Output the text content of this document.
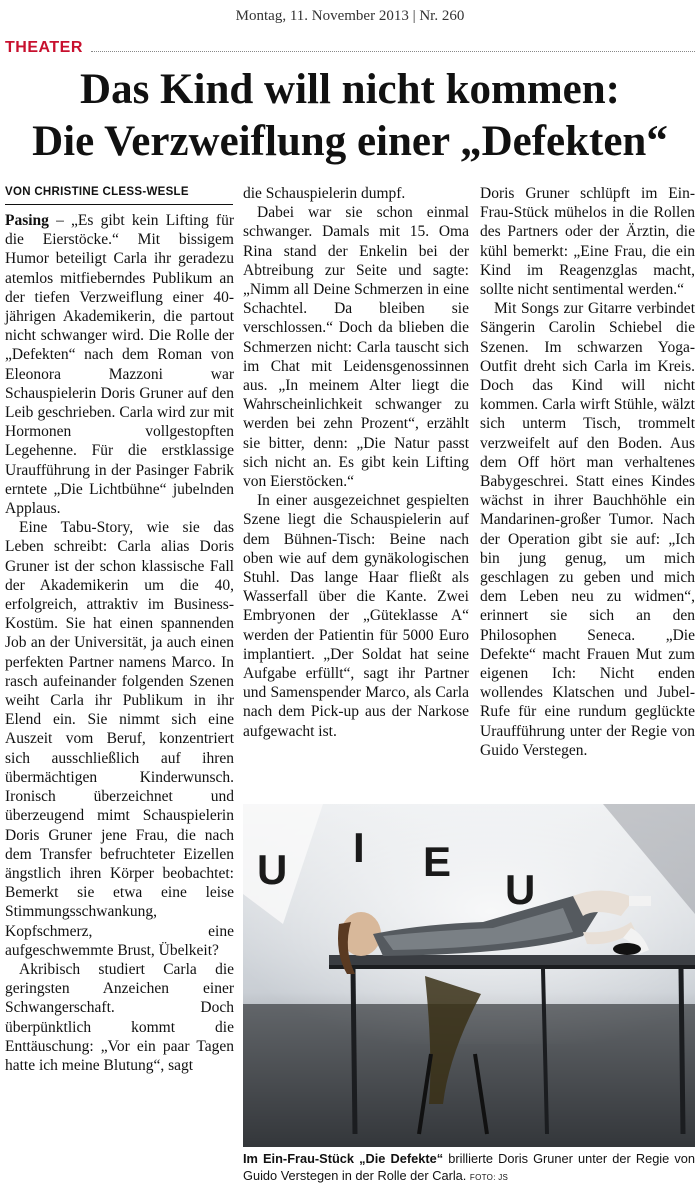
Montag, 11. November 2013 | Nr. 260
THEATER
Das Kind will nicht kommen:
Die Verzweiflung einer „Defekten“
VON CHRISTINE CLESS-WESLE

Pasing – „Es gibt kein Lifting für die Eierstöcke.“ Mit bissigem Humor beteiligt Carla ihr geradezu atemlos mitfieberndes Publikum an der tiefen Verzweiflung einer 40-jährigen Akademikerin, die partout nicht schwanger wird. Die Rolle der „Defekten“ nach dem Roman von Eleonora Mazzoni war Schauspielerin Doris Gruner auf den Leib geschrieben. Carla wird zur mit Hormonen vollgestopften Legehenne. Für die erstklassige Uraufführung in der Pasinger Fabrik erntete „Die Lichtbühne“ jubelnden Applaus.

Eine Tabu-Story, wie sie das Leben schreibt: Carla alias Doris Gruner ist der schon klassische Fall der Akademikerin um die 40, erfolgreich, attraktiv im Business-Kostüm. Sie hat einen spannenden Job an der Universität, ja auch einen perfekten Partner namens Marco. In rasch aufeinander folgenden Szenen weiht Carla ihr Publikum in ihr Elend ein. Sie nimmt sich eine Auszeit vom Beruf, konzentriert sich ausschließlich auf ihren übermächtigen Kinderwunsch. Ironisch überzeichnet und überzeugend mimt Schauspielerin Doris Gruner jene Frau, die nach dem Transfer befruchteter Eizellen ängstlich ihren Körper beobachtet: Bemerkt sie etwa eine leise Stimmungsschwankung, Kopfschmerz, eine aufgeschwemmte Brust, Übelkeit?

Akribisch studiert Carla die geringsten Anzeichen einer Schwangerschaft. Doch überpünktlich kommt die Enttäuschung: „Vor ein paar Tagen hatte ich meine Blutung“, sagt

die Schauspielerin dumpf.

Dabei war sie schon einmal schwanger. Damals mit 15. Oma Rina stand der Enkelin bei der Abtreibung zur Seite und sagte: „Nimm all Deine Schmerzen in eine Schachtel. Da bleiben sie verschlossen.“ Doch da blieben die Schmerzen nicht: Carla tauscht sich im Chat mit Leidensgenossinnen aus. „In meinem Alter liegt die Wahrscheinlichkeit schwanger zu werden bei zehn Prozent“, erzählt sie bitter, denn: „Die Natur passt sich nicht an. Es gibt kein Lifting von Eierstöcken.“

In einer ausgezeichnet gespielten Szene liegt die Schauspielerin auf dem Bühnen-Tisch: Beine nach oben wie auf dem gynäkologischen Stuhl. Das lange Haar fließt als Wasserfall über die Kante. Zwei Embryonen der „Güteklasse A“ werden der Patientin für 5000 Euro implantiert. „Der Soldat hat seine Aufgabe erfüllt“, sagt ihr Partner und Samenspender Marco, als Carla nach dem Pick-up aus der Narkose aufgewacht ist.

Doris Gruner schlüpft im Ein-Frau-Stück mühelos in die Rollen des Partners oder der Ärztin, die kühl bemerkt: „Eine Frau, die ein Kind im Reagenzglas macht, sollte nicht sentimental werden.“

Mit Songs zur Gitarre verbindet Sängerin Carolin Schiebel die Szenen. Im schwarzen Yoga- Outfit dreht sich Carla im Kreis. Doch das Kind will nicht kommen. Carla wirft Stühle, wälzt sich unterm Tisch, trommelt verzweifelt auf den Boden. Aus dem Off hört man verhaltenes Babygeschrei. Statt eines Kindes wächst in ihrer Bauchhöhle ein Mandarinen-großer Tumor. Nach der Operation gibt sie auf: „Ich bin jung genug, um mich geschlagen zu geben und mich dem Leben neu zu widmen“, erinnert sie sich an den Philosophen Seneca. „Die Defekte“ macht Frauen Mut zum eigenen Ich: Nicht enden wollendes Klatschen und Jubel-Rufe für eine rundum geglückte Uraufführung unter der Regie von Guido Verstegen.

U I E
U
Im Ein-Frau-Stück „Die Defekte“ brillierte Doris Gruner unter der Regie von Guido Verstegen in der Rolle der Carla. FOTO: JS
